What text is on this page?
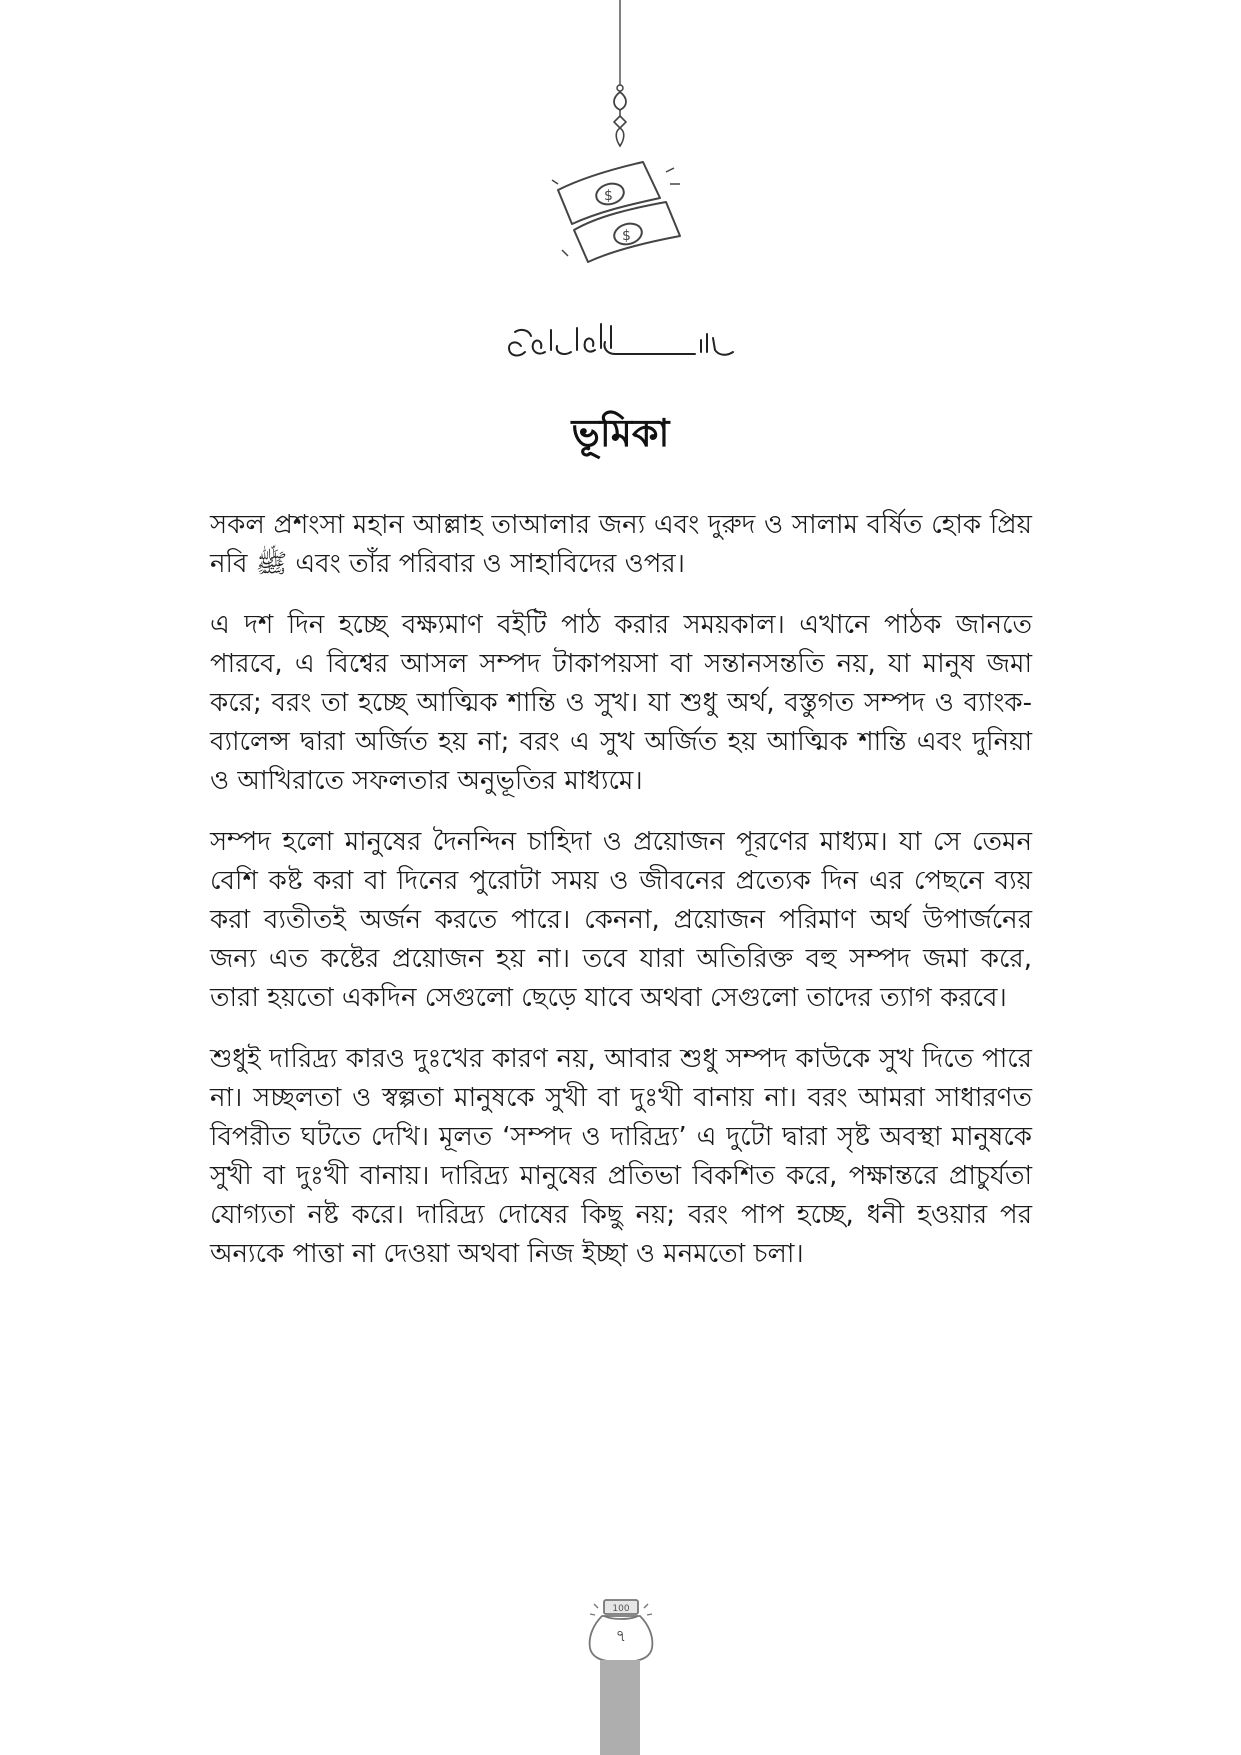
$
$
ভূমিকা

সকল প্রশংসা মহান আল্লাহ তাআলার জন্য এবং দুরুদ ও সালাম বর্ষিত হোক প্রিয় নবি ﷺ এবং তাঁর পরিবার ও সাহাবিদের ওপর।

এ দশ দিন হচ্ছে বক্ষ্যমাণ বইটি পাঠ করার সময়কাল। এখানে পাঠক জানতে পারবে, এ বিশ্বের আসল সম্পদ টাকাপয়সা বা সন্তানসন্ততি নয়, যা মানুষ জমা করে; বরং তা হচ্ছে আত্মিক শান্তি ও সুখ। যা শুধু অর্থ, বস্তুগত সম্পদ ও ব্যাংক-ব্যালেন্স দ্বারা অর্জিত হয় না; বরং এ সুখ অর্জিত হয় আত্মিক শান্তি এবং দুনিয়া ও আখিরাতে সফলতার অনুভূতির মাধ্যমে।

সম্পদ হলো মানুষের দৈনন্দিন চাহিদা ও প্রয়োজন পূরণের মাধ্যম। যা সে তেমন বেশি কষ্ট করা বা দিনের পুরোটা সময় ও জীবনের প্রত্যেক দিন এর পেছনে ব্যয় করা ব্যতীতই অর্জন করতে পারে। কেননা, প্রয়োজন পরিমাণ অর্থ উপার্জনের জন্য এত কষ্টের প্রয়োজন হয় না। তবে যারা অতিরিক্ত বহু সম্পদ জমা করে, তারা হয়তো একদিন সেগুলো ছেড়ে যাবে অথবা সেগুলো তাদের ত্যাগ করবে।

শুধুই দারিদ্র্য কারও দুঃখের কারণ নয়, আবার শুধু সম্পদ কাউকে সুখ দিতে পারে না। সচ্ছলতা ও স্বল্পতা মানুষকে সুখী বা দুঃখী বানায় না। বরং আমরা সাধারণত বিপরীত ঘটতে দেখি। মূলত ‘সম্পদ ও দারিদ্র্য’ এ দুটো দ্বারা সৃষ্ট অবস্থা মানুষকে সুখী বা দুঃখী বানায়। দারিদ্র্য মানুষের প্রতিভা বিকশিত করে, পক্ষান্তরে প্রাচুর্যতা যোগ্যতা নষ্ট করে। দারিদ্র্য দোষের কিছু নয়; বরং পাপ হচ্ছে, ধনী হওয়ার পর অন্যকে পাত্তা না দেওয়া অথবা নিজ ইচ্ছা ও মনমতো চলা।

100
৭
